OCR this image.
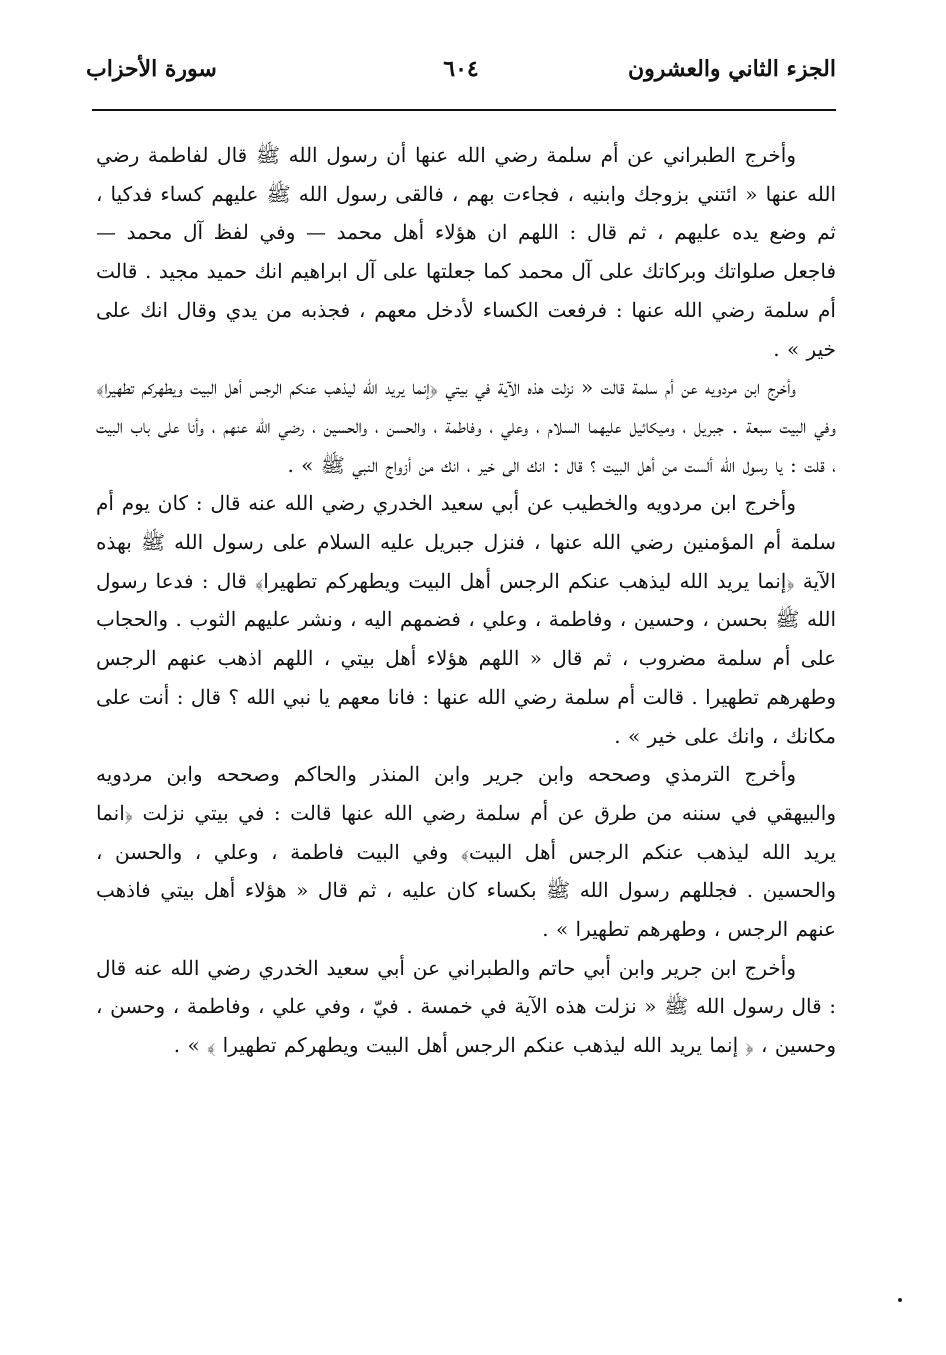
الجزء الثاني والعشرون
٦٠٤
سورة الأحزاب

وأخرج الطبراني عن أم سلمة رضي الله عنها أن رسول الله ﷺ قال لفاطمة رضي الله عنها « ائتني بزوجك وابنيه ، فجاءت بهم ، فالقى رسول الله ﷺ عليهم كساء فدكيا ، ثم وضع يده عليهم ، ثم قال : اللهم ان هؤلاء أهل محمد — وفي لفظ آل محمد — فاجعل صلواتك وبركاتك على آل محمد كما جعلتها على آل ابراهيم انك حميد مجيد . قالت أم سلمة رضي الله عنها : فرفعت الكساء لأدخل معهم ، فجذبه من يدي وقال انك على خير » .

وأخرج ابن مردويه عن أم سلمة قالت « نزلت هذه الآية في بيتي ﴿إنما يريد الله ليذهب عنكم الرجس أهل البيت ويطهركم تطهيرا﴾ وفي البيت سبعة . جبريل ، وميكائيل عليهما السلام ، وعلي ، وفاطمة ، والحسن ، والحسين ، رضي الله عنهم ، وأنا على باب البيت ، قلت : يا رسول الله ألست من أهل البيت ؟ قال : انك الى خير ، انك من أزواج النبي ﷺ » .

وأخرج ابن مردويه والخطيب عن أبي سعيد الخدري رضي الله عنه قال : كان يوم أم سلمة أم المؤمنين رضي الله عنها ، فنزل جبريل عليه السلام على رسول الله ﷺ بهذه الآية ﴿إنما يريد الله ليذهب عنكم الرجس أهل البيت ويطهركم تطهيرا﴾ قال : فدعا رسول الله ﷺ بحسن ، وحسين ، وفاطمة ، وعلي ، فضمهم اليه ، ونشر عليهم الثوب . والحجاب على أم سلمة مضروب ، ثم قال « اللهم هؤلاء أهل بيتي ، اللهم اذهب عنهم الرجس وطهرهم تطهيرا . قالت أم سلمة رضي الله عنها : فانا معهم يا نبي الله ؟ قال : أنت على مكانك ، وانك على خير » .

وأخرج الترمذي وصححه وابن جرير وابن المنذر والحاكم وصححه وابن مردويه والبيهقي في سننه من طرق عن أم سلمة رضي الله عنها قالت : في بيتي نزلت ﴿انما يريد الله ليذهب عنكم الرجس أهل البيت﴾ وفي البيت فاطمة ، وعلي ، والحسن ، والحسين . فجللهم رسول الله ﷺ بكساء كان عليه ، ثم قال « هؤلاء أهل بيتي فاذهب عنهم الرجس ، وطهرهم تطهيرا » .

وأخرج ابن جرير وابن أبي حاتم والطبراني عن أبي سعيد الخدري رضي الله عنه قال : قال رسول الله ﷺ « نزلت هذه الآية في خمسة . فيّ ، وفي علي ، وفاطمة ، وحسن ، وحسين ، ﴿ إنما يريد الله ليذهب عنكم الرجس أهل البيت ويطهركم تطهيرا ﴾ » .
